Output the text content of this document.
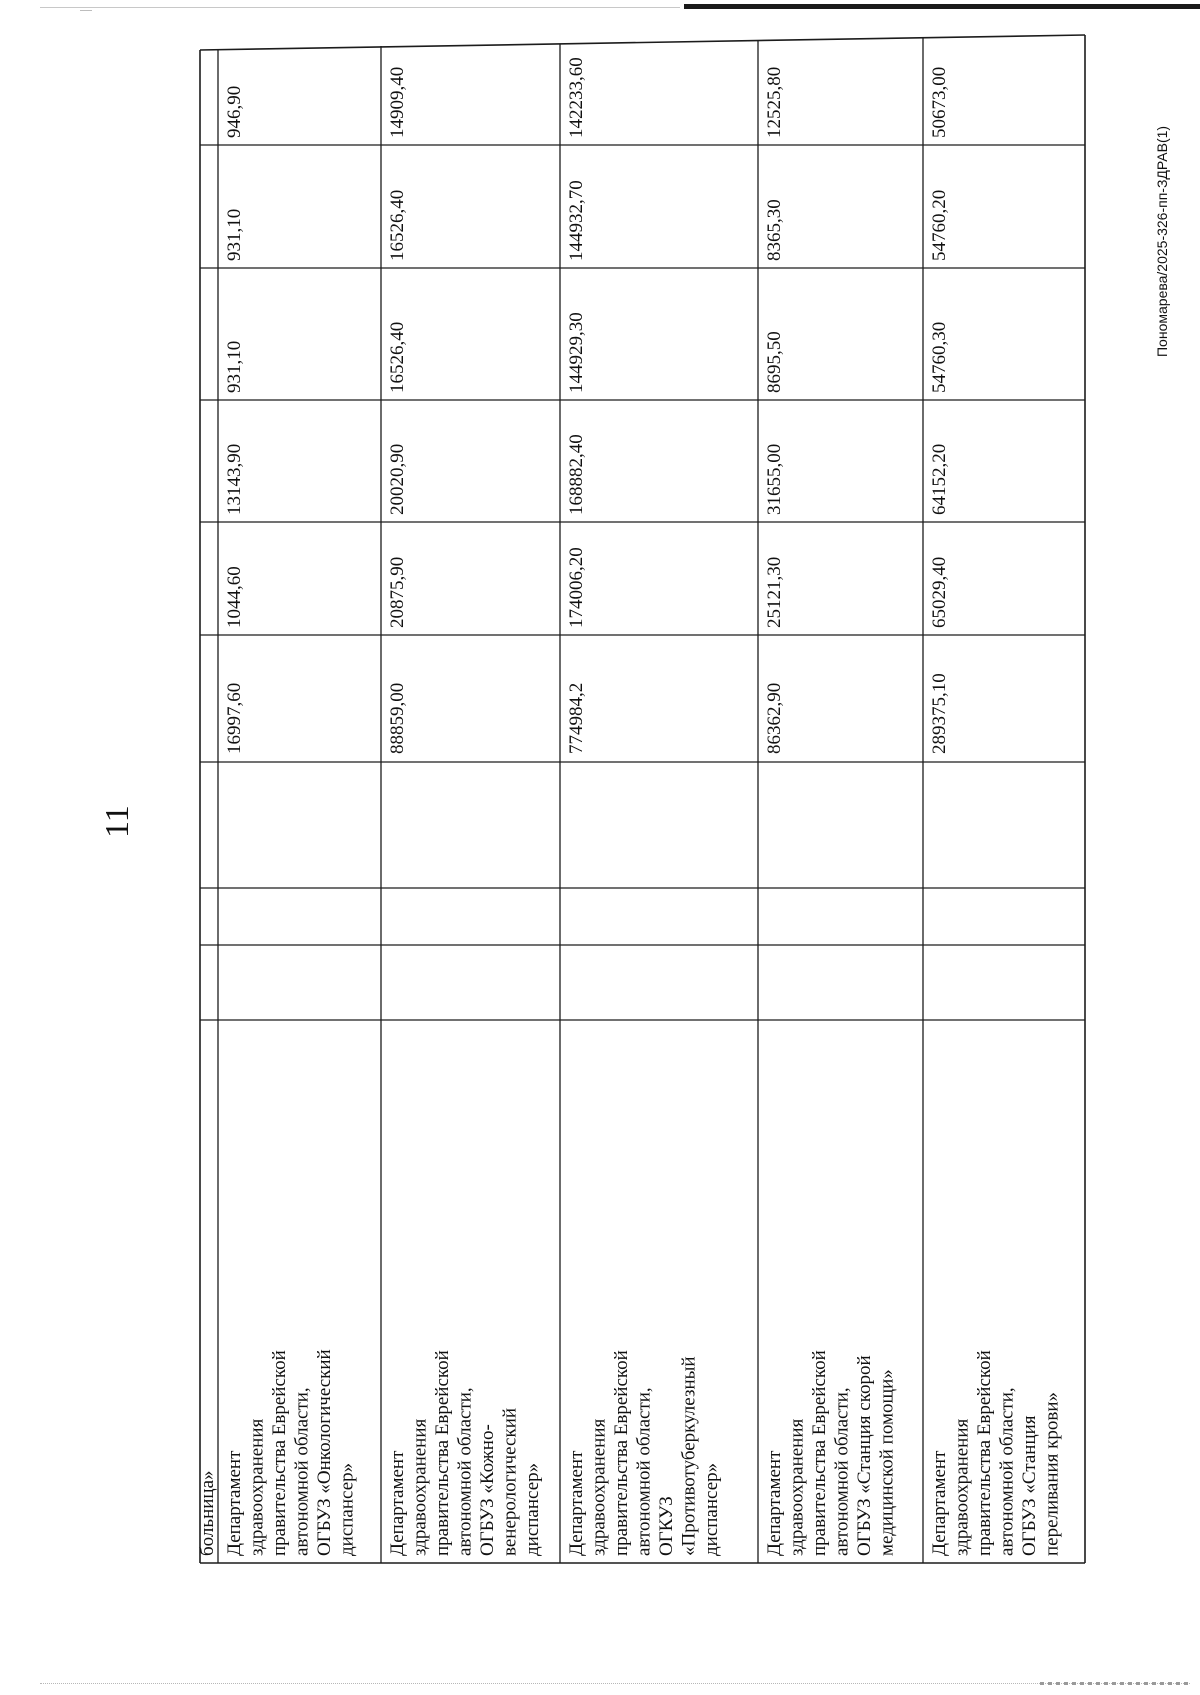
11
Пономарева/2025-326-пп-ЗДРАВ(1)
больница» Департамент здравоохранения правительства Еврейской автономной области, ОГБУЗ «Онкологический диспансер»
16997,60
1044,60
13143,90
931,10
931,10
946,90
Департамент здравоохранения правительства Еврейской автономной области, ОГБУЗ «Кожно- венерологический диспансер»
88859,00
20875,90
20020,90
16526,40
16526,40
14909,40
Департамент здравоохранения правительства Еврейской автономной области, ОГКУЗ «Противотуберкулезный диспансер»
774984,2
174006,20
168882,40
144929,30
144932,70
142233,60
Департамент здравоохранения правительства Еврейской автономной области, ОГБУЗ «Станция скорой медицинской помощи»
86362,90
25121,30
31655,00
8695,50
8365,30
12525,80
Департамент здравоохранения правительства Еврейской автономной области, ОГБУЗ «Станция переливания крови»
289375,10
65029,40
64152,20
54760,30
54760,20
50673,00
